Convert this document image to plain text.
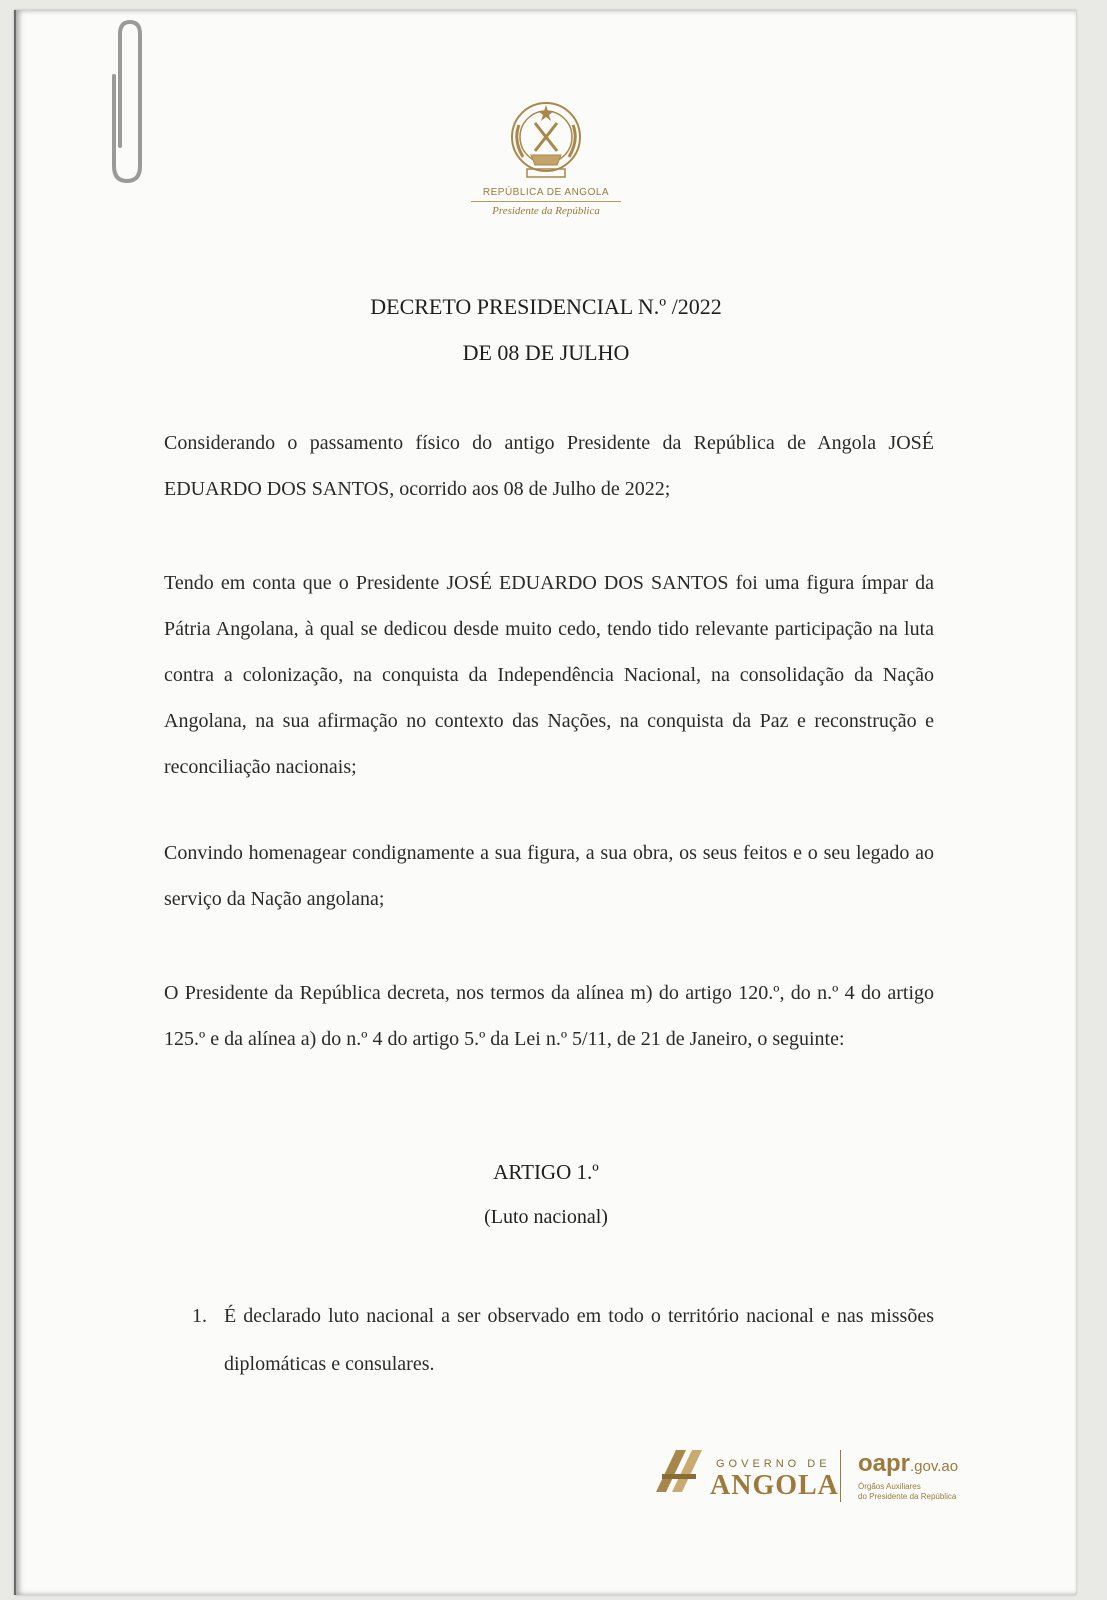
REPÚBLICA DE ANGOLA
Presidente da República
DECRETO PRESIDENCIAL N.º /2022
DE 08 DE JULHO
Considerando o passamento físico do antigo Presidente da República de Angola JOSÉ EDUARDO DOS SANTOS, ocorrido aos 08 de Julho de 2022;
Tendo em conta que o Presidente JOSÉ EDUARDO DOS SANTOS foi uma figura ímpar da Pátria Angolana, à qual se dedicou desde muito cedo, tendo tido relevante participação na luta contra a colonização, na conquista da Independência Nacional, na consolidação da Nação Angolana, na sua afirmação no contexto das Nações, na conquista da Paz e reconstrução e reconciliação nacionais;
Convindo homenagear condignamente a sua figura, a sua obra, os seus feitos e o seu legado ao serviço da Nação angolana;
O Presidente da República decreta, nos termos da alínea m) do artigo 120.º, do n.º 4 do artigo 125.º e da alínea a) do n.º 4 do artigo 5.º da Lei n.º 5/11, de 21 de Janeiro, o seguinte:
ARTIGO 1.º
(Luto nacional)
1. É declarado luto nacional a ser observado em todo o território nacional e nas missões diplomáticas e consulares.
GOVERNO DE
ANGOLA
oapr.gov.ao
Órgãos Auxiliares
do Presidente da República
